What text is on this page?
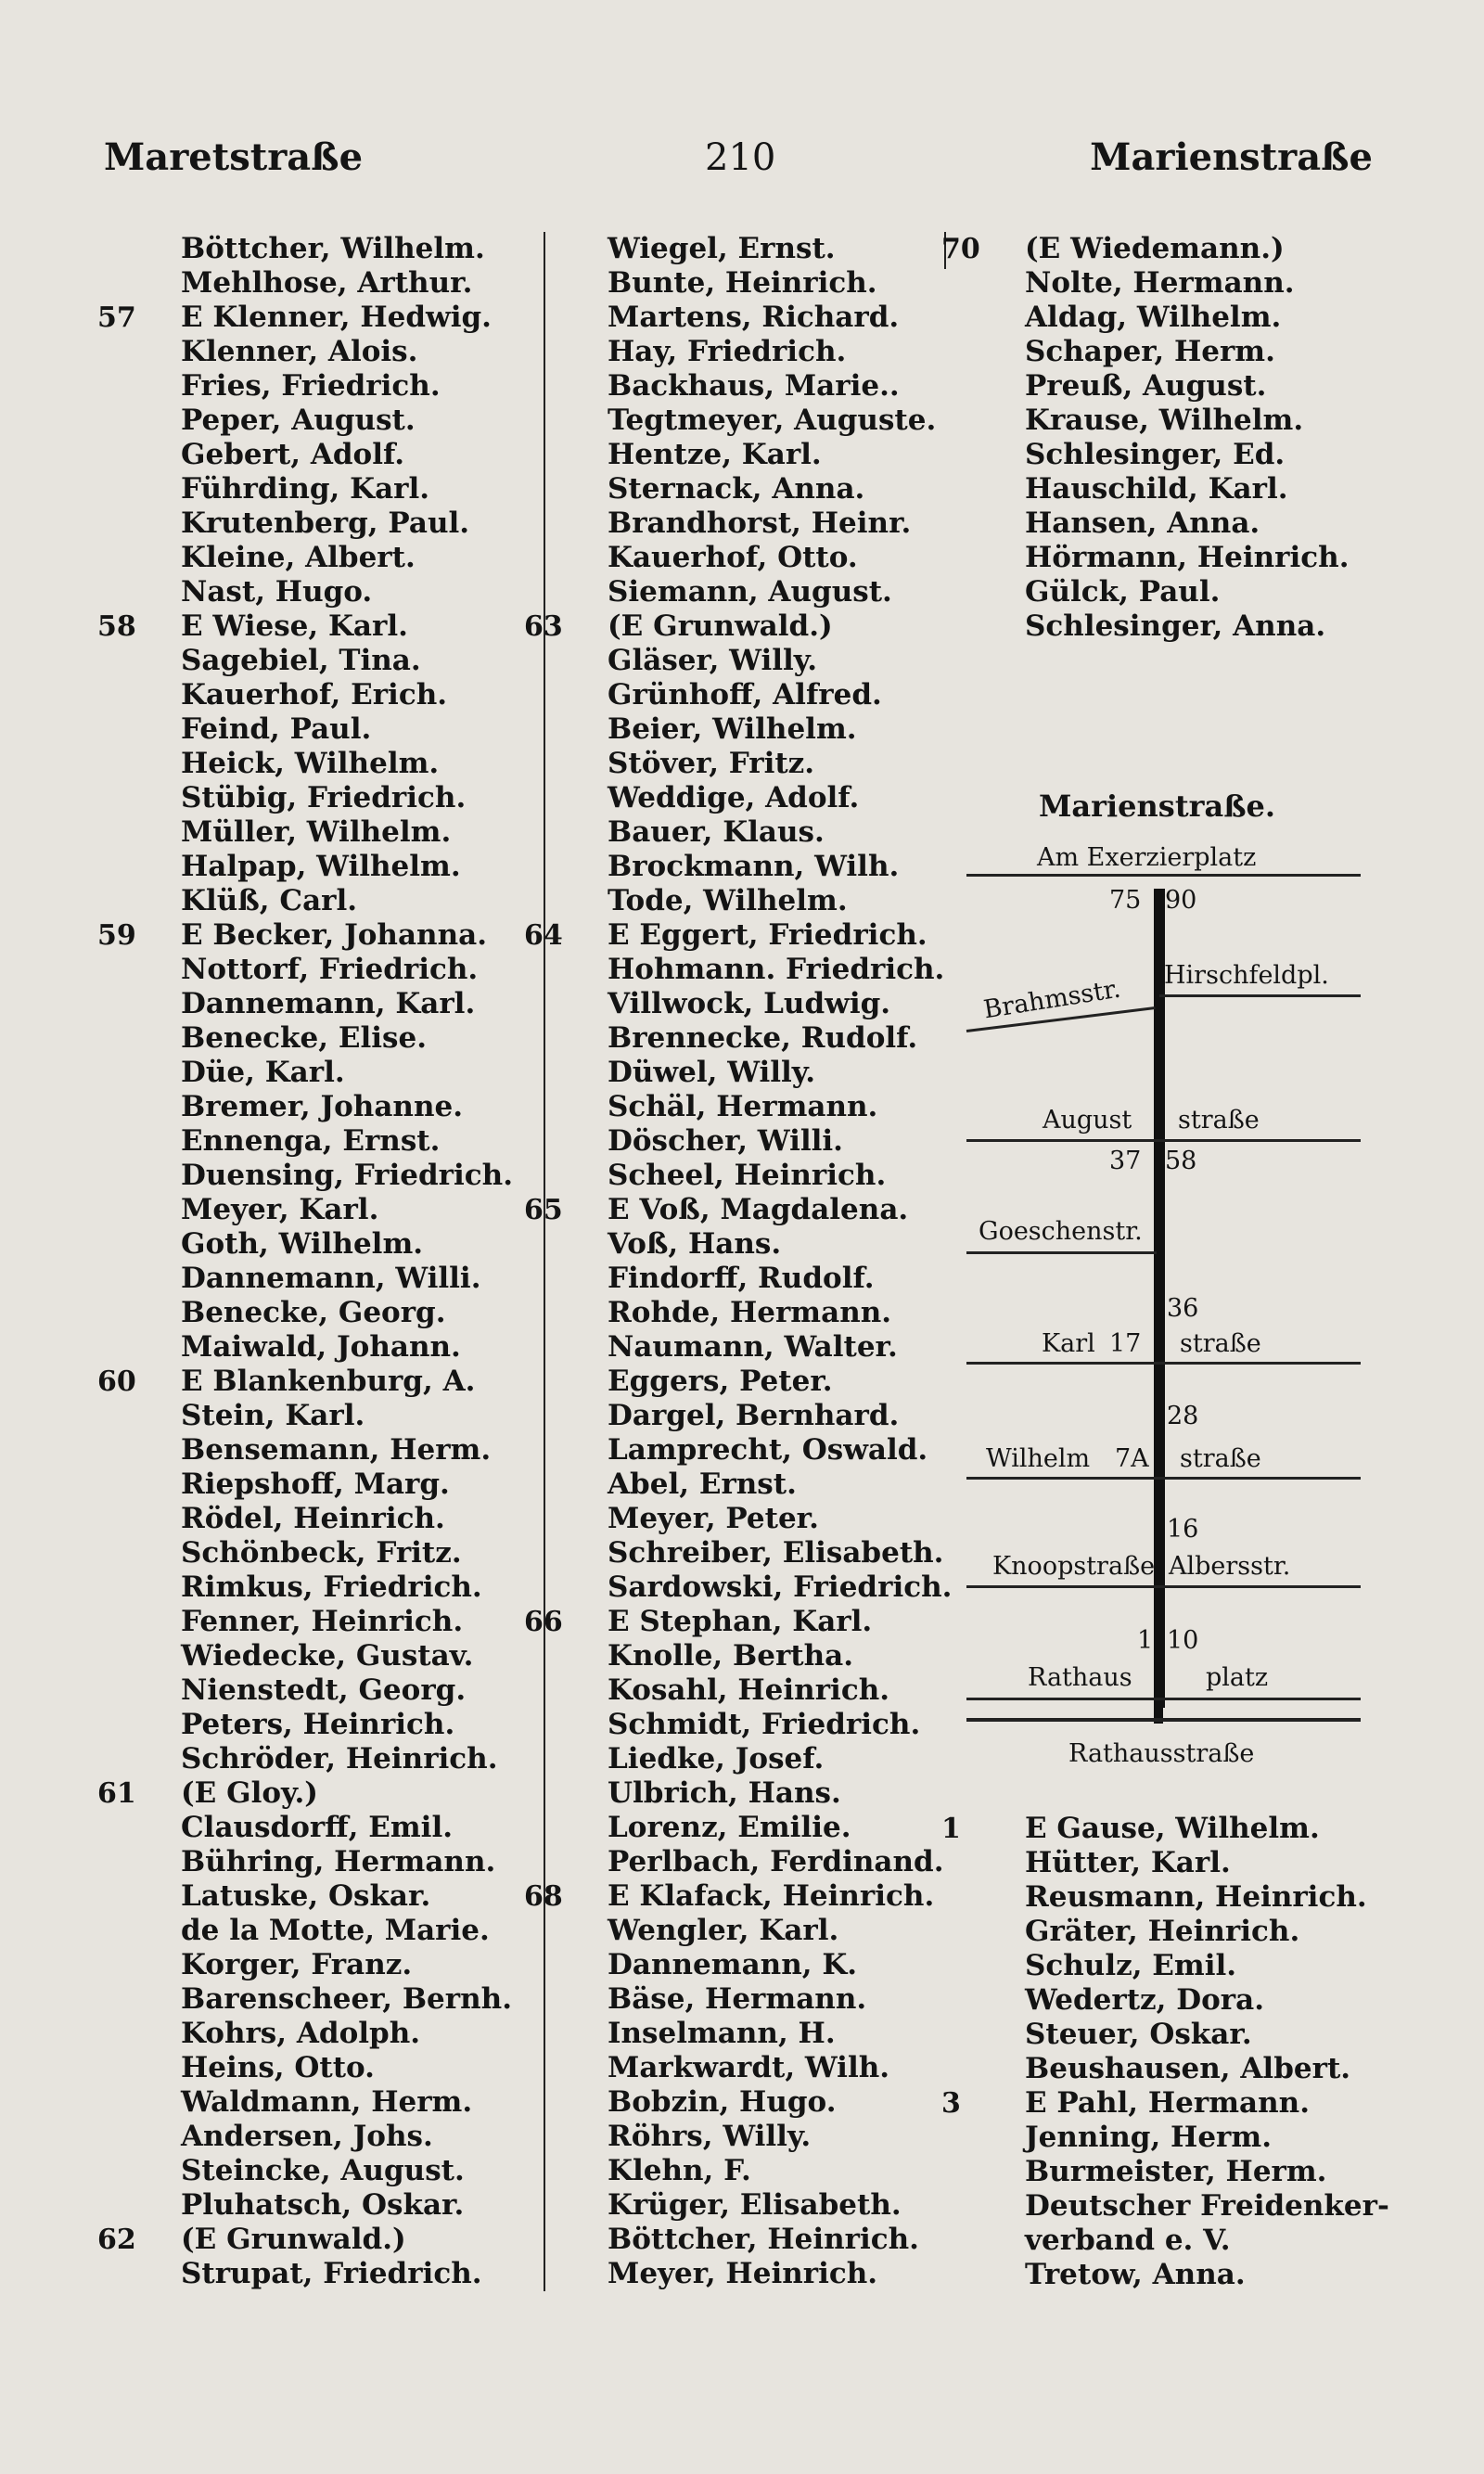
Maretstraße	210	Marienstraße
Böttcher, Wilhelm.
Mehlhose, Arthur.
57	E Klenner, Hedwig.
Klenner, Alois.
Fries, Friedrich.
Peper, August.
Gebert, Adolf.
Führding, Karl.
Krutenberg, Paul.
Kleine, Albert.
Nast, Hugo.
58	E Wiese, Karl.
Sagebiel, Tina.
Kauerhof, Erich.
Feind, Paul.
Heick, Wilhelm.
Stübig, Friedrich.
Müller, Wilhelm.
Halpap, Wilhelm.
Klüß, Carl.
59	E Becker, Johanna.
Nottorf, Friedrich.
Dannemann, Karl.
Benecke, Elise.
Düe, Karl.
Bremer, Johanne.
Ennenga, Ernst.
Duensing, Friedrich.
Meyer, Karl.
Goth, Wilhelm.
Dannemann, Willi.
Benecke, Georg.
Maiwald, Johann.
60	E Blankenburg, A.
Stein, Karl.
Bensemann, Herm.
Riepshoff, Marg.
Rödel, Heinrich.
Schönbeck, Fritz.
Rimkus, Friedrich.
Fenner, Heinrich.
Wiedecke, Gustav.
Nienstedt, Georg.
Peters, Heinrich.
Schröder, Heinrich.
61	(E Gloy.)
Clausdorff, Emil.
Bühring, Hermann.
Latuske, Oskar.
de la Motte, Marie.
Korger, Franz.
Barenscheer, Bernh.
Kohrs, Adolph.
Heins, Otto.
Waldmann, Herm.
Andersen, Johs.
Steincke, August.
Pluhatsch, Oskar.
62	(E Grunwald.)
Strupat, Friedrich.
Wiegel, Ernst.
Bunte, Heinrich.
Martens, Richard.
Hay, Friedrich.
Backhaus, Marie..
Tegtmeyer, Auguste.
Hentze, Karl.
Sternack, Anna.
Brandhorst, Heinr.
Kauerhof, Otto.
Siemann, August.
63	(E Grunwald.)
Gläser, Willy.
Grünhoff, Alfred.
Beier, Wilhelm.
Stöver, Fritz.
Weddige, Adolf.
Bauer, Klaus.
Brockmann, Wilh.
Tode, Wilhelm.
64	E Eggert, Friedrich.
Hohmann. Friedrich.
Villwock, Ludwig.
Brennecke, Rudolf.
Düwel, Willy.
Schäl, Hermann.
Döscher, Willi.
Scheel, Heinrich.
65	E Voß, Magdalena.
Voß, Hans.
Findorff, Rudolf.
Rohde, Hermann.
Naumann, Walter.
Eggers, Peter.
Dargel, Bernhard.
Lamprecht, Oswald.
Abel, Ernst.
Meyer, Peter.
Schreiber, Elisabeth.
Sardowski, Friedrich.
66	E Stephan, Karl.
Knolle, Bertha.
Kosahl, Heinrich.
Schmidt, Friedrich.
Liedke, Josef.
Ulbrich, Hans.
Lorenz, Emilie.
Perlbach, Ferdinand.
68	E Klafack, Heinrich.
Wengler, Karl.
Dannemann, K.
Bäse, Hermann.
Inselmann, H.
Markwardt, Wilh.
Bobzin, Hugo.
Röhrs, Willy.
Klehn, F.
Krüger, Elisabeth.
Böttcher, Heinrich.
Meyer, Heinrich.
70	(E Wiedemann.)
Nolte, Hermann.
Aldag, Wilhelm.
Schaper, Herm.
Preuß, August.
Krause, Wilhelm.
Schlesinger, Ed.
Hauschild, Karl.
Hansen, Anna.
Hörmann, Heinrich.
Gülck, Paul.
Schlesinger, Anna.
1	E Gause, Wilhelm.
Hütter, Karl.
Reusmann, Heinrich.
Gräter, Heinrich.
Schulz, Emil.
Wedertz, Dora.
Steuer, Oskar.
Beushausen, Albert.
3	E Pahl, Hermann.
Jenning, Herm.
Burmeister, Herm.
Deutscher Freidenker-
verband e. V.
Tretow, Anna.
Marienstraße.
Am Exerzierplatz
75 90
Brahmsstr. Hirschfeldpl.
August straße
37 58
Goeschenstr.
36
Karl 17 straße
28
Wilhelm 7A straße
16
Knoopstraße Albersstr.
1 10
Rathaus	platz
Rathausstraße
